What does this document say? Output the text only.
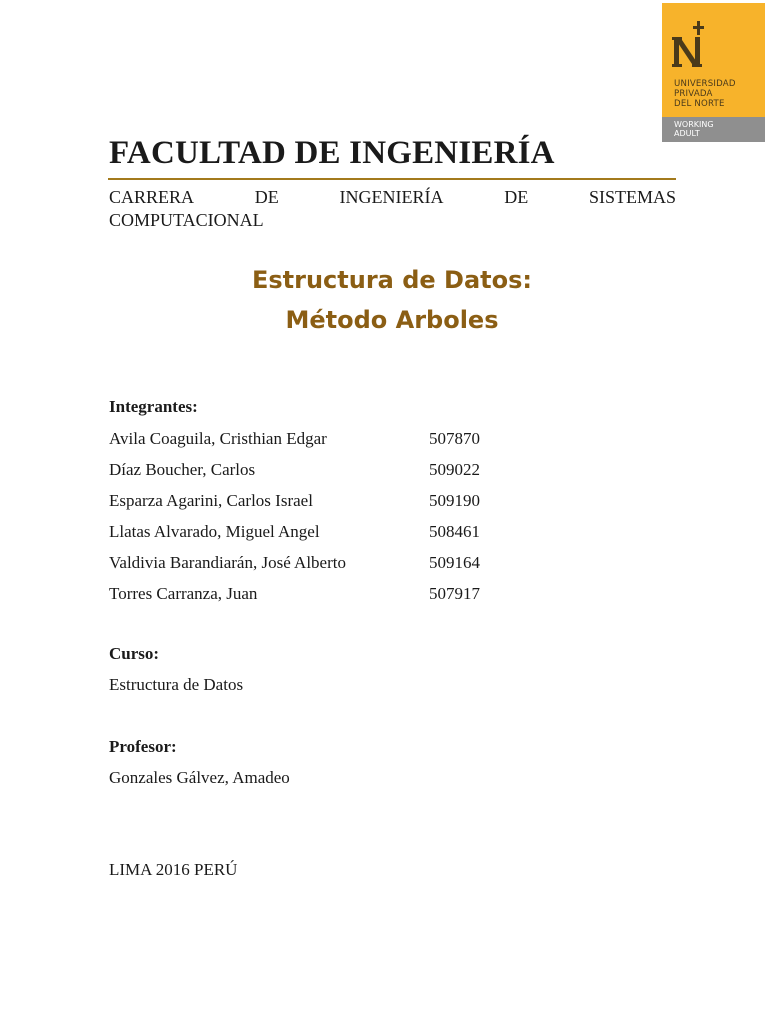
UNIVERSIDAD
PRIVADA
DEL NORTE
WORKING
ADULT
FACULTAD DE INGENIERÍA
CARRERA	DE	INGENIERÍA	DE	SISTEMAS
COMPUTACIONAL
Estructura de Datos:
Método Arboles
Integrantes:
Avila Coaguila, Cristhian Edgar	507870
Díaz Boucher, Carlos	509022
Esparza Agarini, Carlos Israel	509190
Llatas Alvarado, Miguel Angel	508461
Valdivia Barandiarán, José Alberto	509164
Torres Carranza, Juan	507917
Curso:
Estructura de Datos
Profesor:
Gonzales Gálvez, Amadeo
LIMA 2016 PERÚ
